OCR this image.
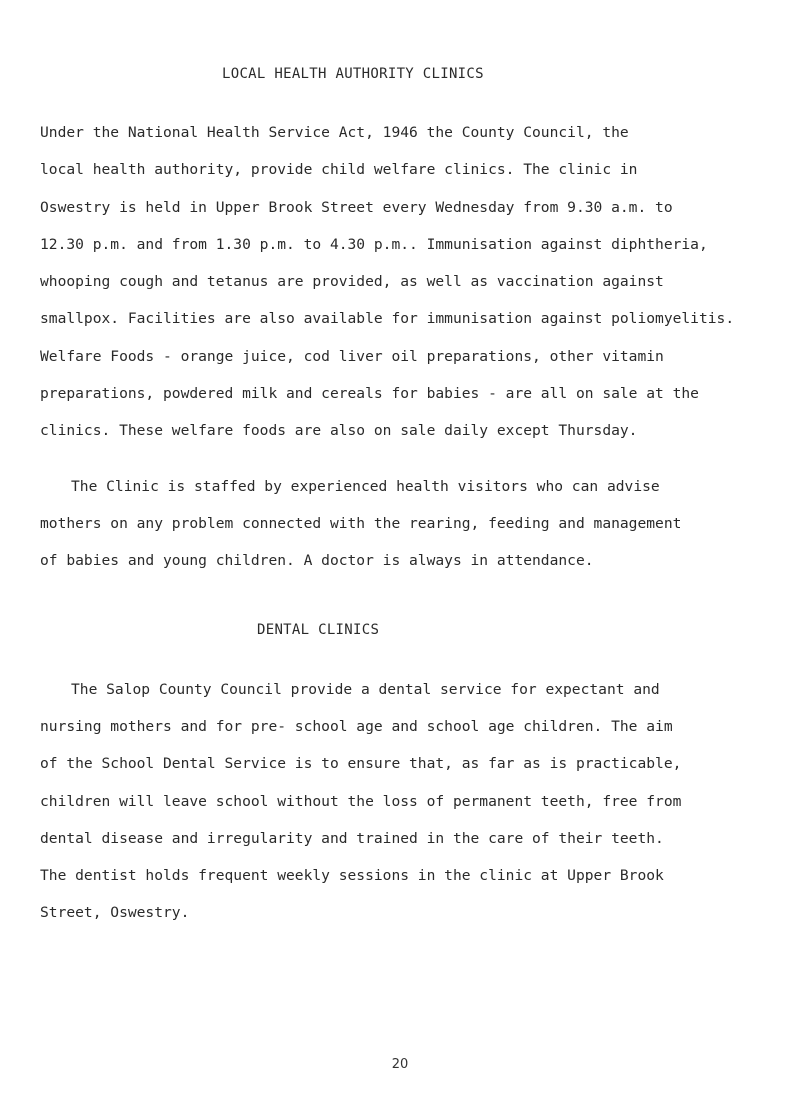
LOCAL HEALTH AUTHORITY CLINICS
Under the National Health Service Act, 1946 the County Council, the
local health authority, provide child welfare clinics. The clinic in
Oswestry is held in Upper Brook Street every Wednesday from 9.30 a.m. to
12.30 p.m. and from 1.30 p.m. to 4.30 p.m.. Immunisation against diphtheria,
whooping cough and tetanus are provided, as well as vaccination against
smallpox. Facilities are also available for immunisation against poliomyelitis.
Welfare Foods - orange juice, cod liver oil preparations, other vitamin
preparations, powdered milk and cereals for babies - are all on sale at the
clinics. These welfare foods are also on sale daily except Thursday.
The Clinic is staffed by experienced health visitors who can advise
mothers on any problem connected with the rearing, feeding and management
of babies and young children. A doctor is always in attendance.
DENTAL CLINICS
The Salop County Council provide a dental service for expectant and
nursing mothers and for pre- school age and school age children. The aim
of the School Dental Service is to ensure that, as far as is practicable,
children will leave school without the loss of permanent teeth, free from
dental disease and irregularity and trained in the care of their teeth.
The dentist holds frequent weekly sessions in the clinic at Upper Brook
Street, Oswestry.
20
